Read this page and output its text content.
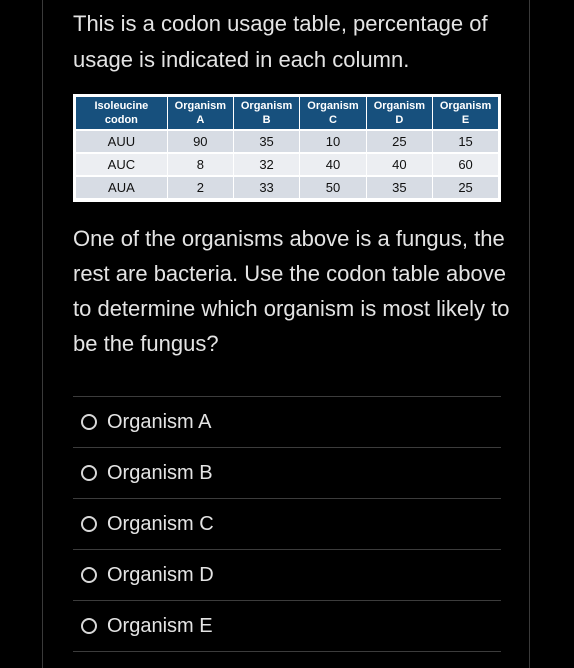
This is a codon usage table, percentage of usage is indicated in each column.

Isoleucine codon	Organism A	Organism B	Organism C	Organism D	Organism E
AUU	90	35	10	25	15
AUC	8	32	40	40	60
AUA	2	33	50	35	25

One of the organisms above is a fungus, the rest are bacteria. Use the codon table above to determine which organism is most likely to be the fungus?

Organism A
Organism B
Organism C
Organism D
Organism E
